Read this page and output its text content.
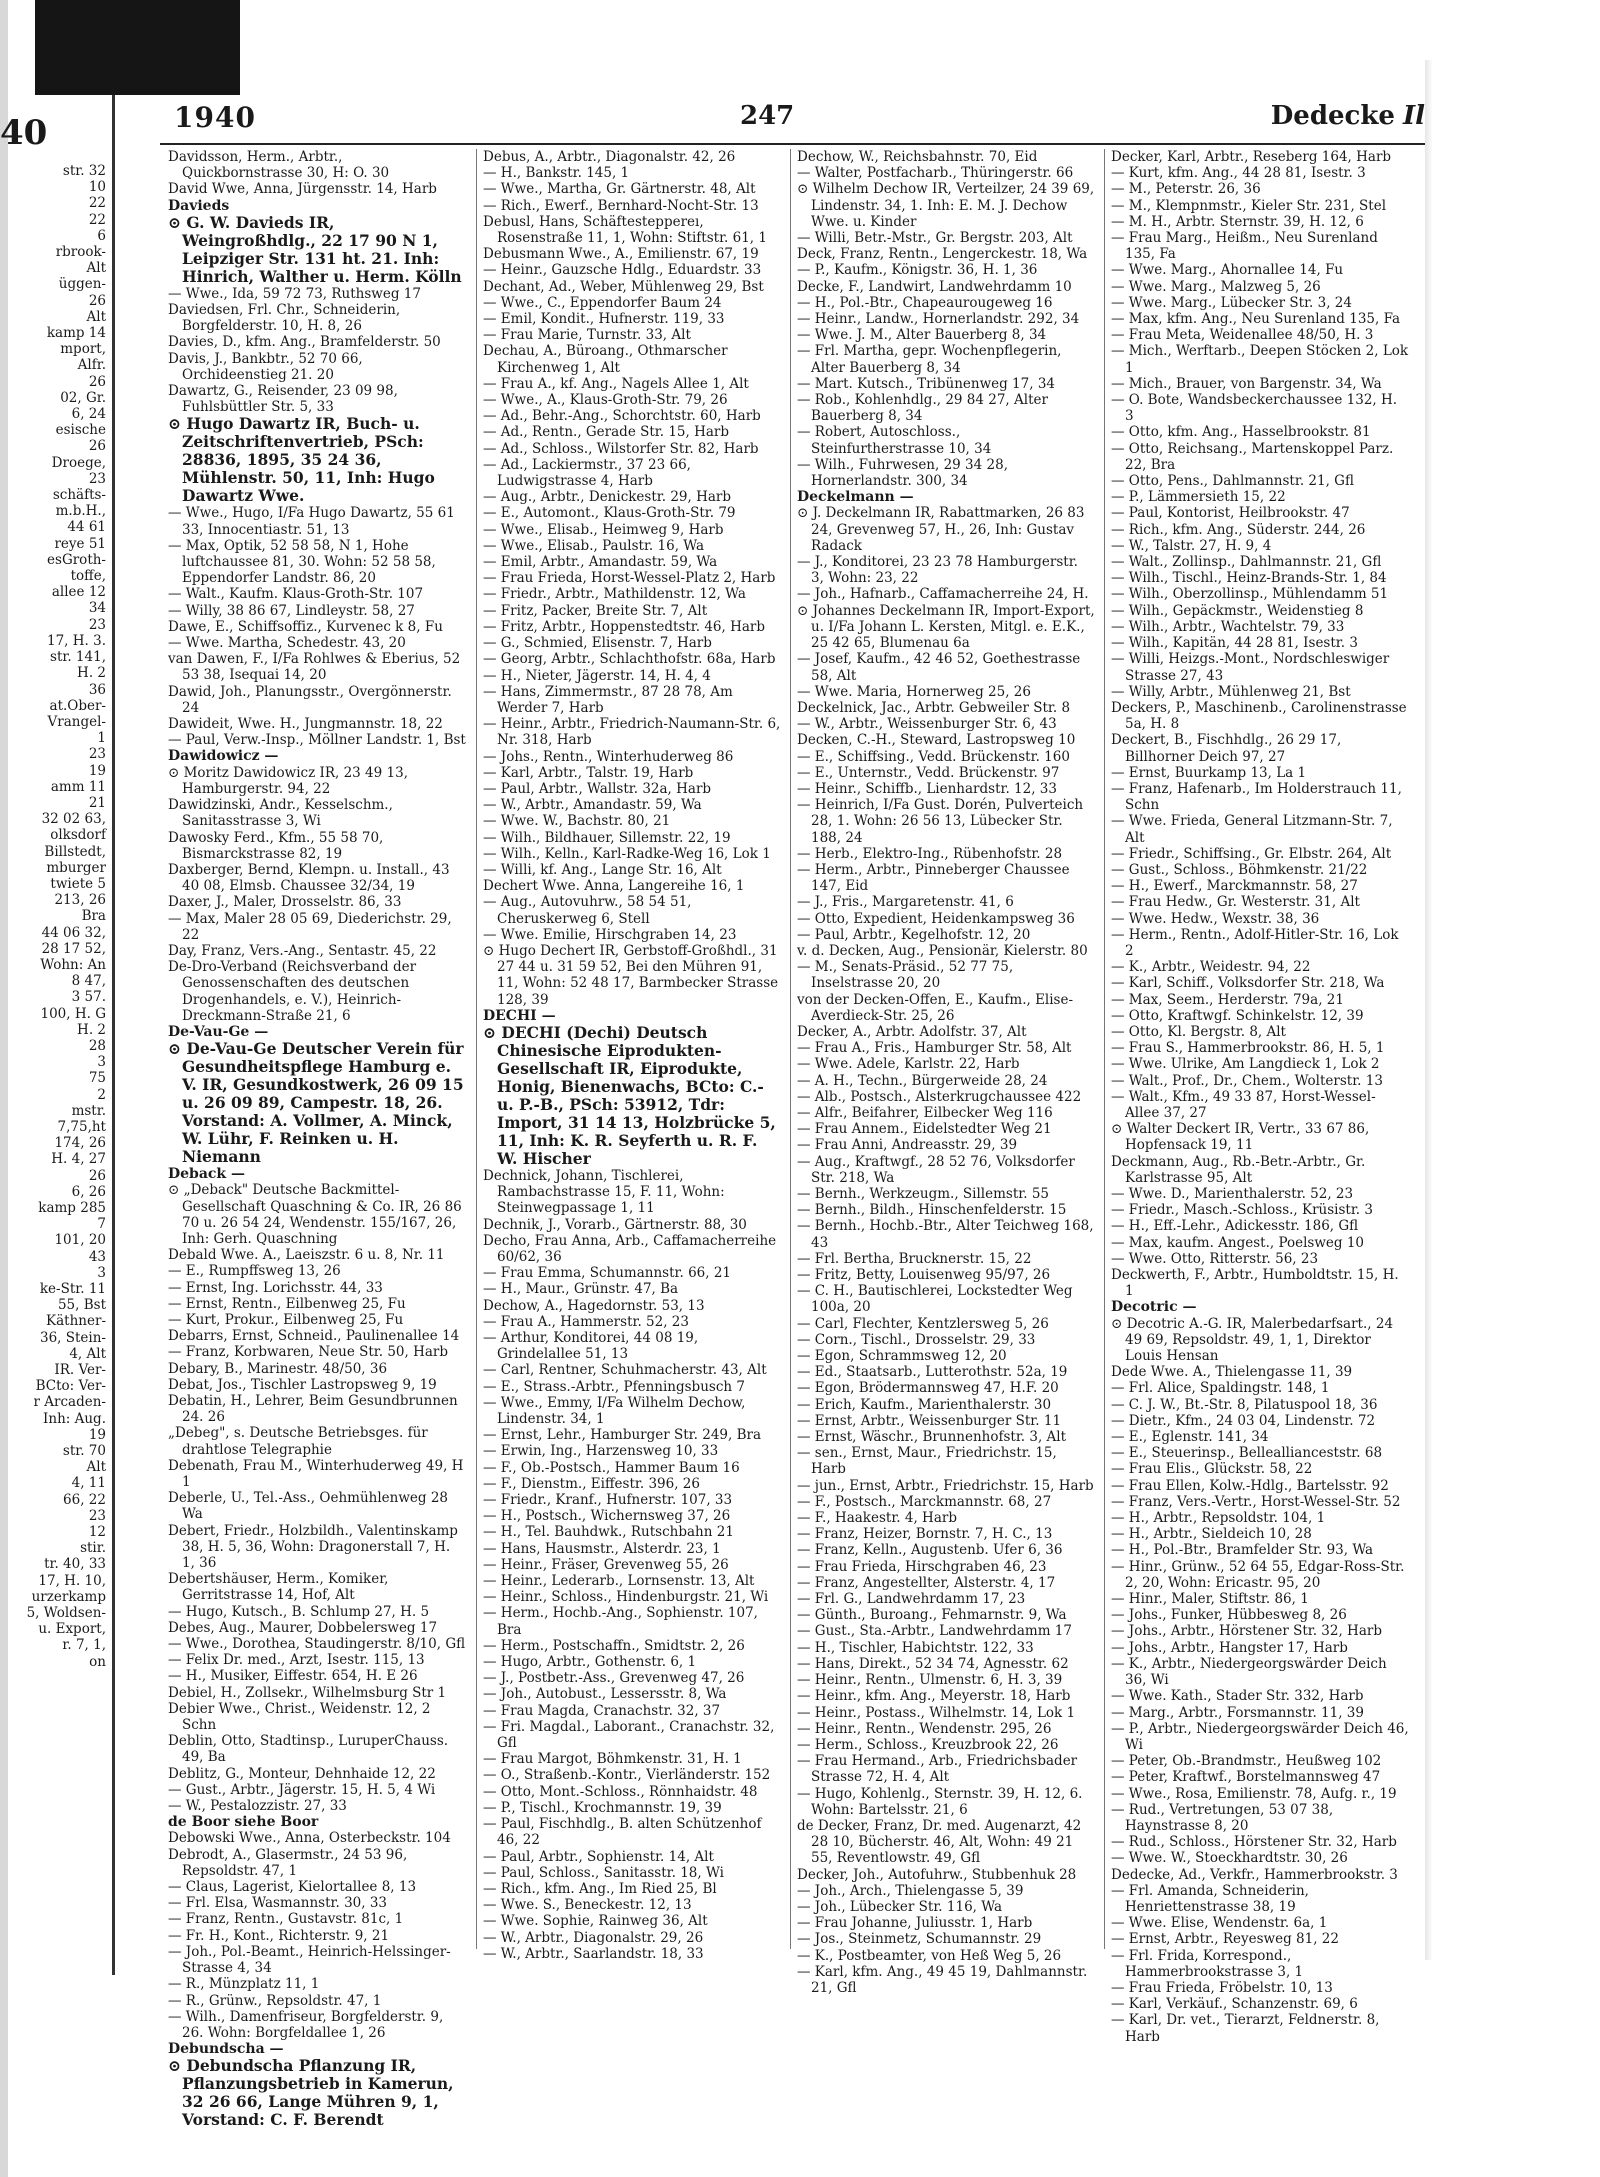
40
str. 32
10
22
22
6
rbrook-
Alt
üggen-
26
Alt
kamp 14
mport,
Alfr.
26
02, Gr.
6, 24
esische
26
Droege,
23
schäfts-
m.b.H.,
44 61
reye 51
esGroth-
toffe,
allee 12
34
23
17, H. 3.
str. 141,
H. 2
36
at.Ober-
Vrangel-
1
23
19
amm 11
21
32 02 63,
olksdorf
Billstedt,
mburger
twiete 5
213, 26
Bra
44 06 32,
28 17 52,
Wohn: An
8 47,
3 57.
100, H. G
H. 2
28
3
75
2
mstr.
7,75,ht
174, 26
H. 4, 27
26
6, 26
kamp 285
7
101, 20
43
3
ke-Str. 11
55, Bst
Käthner-
36, Stein-
4, Alt
IR. Ver-
BCto: Ver-
r Arcaden-
Inh: Aug.
19
str. 70
Alt
4, 11
66, 22
23
12
stir.
tr. 40, 33
17, H. 10,
urzerkamp
5, Woldsen-
u. Export,
r. 7, 1,
on
1940	247	Dedecke Il

Davidsson, Herm., Arbtr., Quickbornstrasse 30, H: O. 30

David Wwe, Anna, Jürgensstr. 14, Harb

Davieds

⊙ G. W. Davieds IR, Weingroßhdlg., 22 17 90 N 1, Leipziger Str. 131 ht. 21. Inh: Hinrich, Walther u. Herm. Kölln

— Wwe., Ida, 59 72 73, Ruthsweg 17

Daviedsen, Frl. Chr., Schneiderin, Borgfelderstr. 10, H. 8, 26

Davies, D., kfm. Ang., Bramfelderstr. 50

Davis, J., Bankbtr., 52 70 66, Orchideenstieg 21. 20

Dawartz, G., Reisender, 23 09 98, Fuhlsbüttler Str. 5, 33

⊙ Hugo Dawartz IR, Buch- u. Zeitschriftenvertrieb, PSch: 28836, 1895, 35 24 36, Mühlenstr. 50, 11, Inh: Hugo Dawartz Wwe.

— Wwe., Hugo, I/Fa Hugo Dawartz, 55 61 33, Innocentiastr. 51, 13

— Max, Optik, 52 58 58, N 1, Hohe luftchaussee 81, 30. Wohn: 52 58 58, Eppendorfer Landstr. 86, 20

— Walt., Kaufm. Klaus-Groth-Str. 107

— Willy, 38 86 67, Lindleystr. 58, 27

Dawe, E., Schiffsoffiz., Kurvenec k 8, Fu

— Wwe. Martha, Schedestr. 43, 20

van Dawen, F., I/Fa Rohlwes & Eberius, 52 53 38, Isequai 14, 20

Dawid, Joh., Planungsstr., Overgönnerstr. 24

Dawideit, Wwe. H., Jungmannstr. 18, 22

— Paul, Verw.-Insp., Möllner Landstr. 1, Bst

Dawidowicz —

⊙ Moritz Dawidowicz IR, 23 49 13, Hamburgerstr. 94, 22

Dawidzinski, Andr., Kesselschm., Sanitasstrasse 3, Wi

Dawosky Ferd., Kfm., 55 58 70, Bismarckstrasse 82, 19

Daxberger, Bernd, Klempn. u. Install., 43 40 08, Elmsb. Chaussee 32/34, 19

Daxer, J., Maler, Drosselstr. 86, 33

— Max, Maler 28 05 69, Diederichstr. 29, 22

Day, Franz, Vers.-Ang., Sentastr. 45, 22

De-Dro-Verband (Reichsverband der Genossenschaften des deutschen Drogenhandels, e. V.), Heinrich-Dreckmann-Straße 21, 6

De-Vau-Ge —

⊙ De-Vau-Ge Deutscher Verein für Gesundheitspflege Hamburg e. V. IR, Gesundkostwerk, 26 09 15 u. 26 09 89, Campestr. 18, 26. Vorstand: A. Vollmer, A. Minck, W. Lühr, F. Reinken u. H. Niemann

Deback —

⊙ „Deback" Deutsche Backmittel-Gesellschaft Quaschning & Co. IR, 26 86 70 u. 26 54 24, Wendenstr. 155/167, 26, Inh: Gerh. Quaschning

Debald Wwe. A., Laeiszstr. 6 u. 8, Nr. 11

— E., Rumpffsweg 13, 26

— Ernst, Ing. Lorichsstr. 44, 33

— Ernst, Rentn., Eilbenweg 25, Fu

— Kurt, Prokur., Eilbenweg 25, Fu

Debarrs, Ernst, Schneid., Paulinenallee 14

— Franz, Korbwaren, Neue Str. 50, Harb

Debary, B., Marinestr. 48/50, 36

Debat, Jos., Tischler Lastropsweg 9, 19

Debatin, H., Lehrer, Beim Gesundbrunnen 24. 26

„Debeg", s. Deutsche Betriebsges. für drahtlose Telegraphie

Debenath, Frau M., Winterhuderweg 49, H 1

Deberle, U., Tel.-Ass., Oehmühlenweg 28 Wa

Debert, Friedr., Holzbildh., Valentinskamp 38, H. 5, 36, Wohn: Dragonerstall 7, H. 1, 36

Debertshäuser, Herm., Komiker, Gerritstrasse 14, Hof, Alt

— Hugo, Kutsch., B. Schlump 27, H. 5

Debes, Aug., Maurer, Dobbelersweg 17

— Wwe., Dorothea, Staudingerstr. 8/10, Gfl

— Felix Dr. med., Arzt, Isestr. 115, 13

— H., Musiker, Eiffestr. 654, H. E 26

Debiel, H., Zollsekr., Wilhelmsburg Str 1

Debier Wwe., Christ., Weidenstr. 12, 2 Schn

Deblin, Otto, Stadtinsp., LuruperChauss. 49, Ba

Deblitz, G., Monteur, Dehnhaide 12, 22

— Gust., Arbtr., Jägerstr. 15, H. 5, 4 Wi

— W., Pestalozzistr. 27, 33

de Boor siehe Boor

Debowski Wwe., Anna, Osterbeckstr. 104

Debrodt, A., Glasermstr., 24 53 96, Repsoldstr. 47, 1

— Claus, Lagerist, Kielortallee 8, 13

— Frl. Elsa, Wasmannstr. 30, 33

— Franz, Rentn., Gustavstr. 81c, 1

— Fr. H., Kont., Richterstr. 9, 21

— Joh., Pol.-Beamt., Heinrich-Helssinger-Strasse 4, 34

— R., Münzplatz 11, 1

— R., Grünw., Repsoldstr. 47, 1

— Wilh., Damenfriseur, Borgfelderstr. 9, 26. Wohn: Borgfeldallee 1, 26

Debundscha —

⊙ Debundscha Pflanzung IR, Pflanzungsbetrieb in Kamerun, 32 26 66, Lange Mühren 9, 1, Vorstand: C. F. Berendt

Debus, A., Arbtr., Diagonalstr. 42, 26

— H., Bankstr. 145, 1

— Wwe., Martha, Gr. Gärtnerstr. 48, Alt

— Rich., Ewerf., Bernhard-Nocht-Str. 13

Debusl, Hans, Schäftesteppereı, Rosenstraße 11, 1, Wohn: Stiftstr. 61, 1

Debusmann Wwe., A., Emilienstr. 67, 19

— Heinr., Gauzsche Hdlg., Eduardstr. 33

Dechant, Ad., Weber, Mühlenweg 29, Bst

— Wwe., C., Eppendorfer Baum 24

— Emil, Kondit., Hufnerstr. 119, 33

— Frau Marie, Turnstr. 33, Alt

Dechau, A., Büroang., Othmarscher Kirchenweg 1, Alt

— Frau A., kf. Ang., Nagels Allee 1, Alt

— Wwe., A., Klaus-Groth-Str. 79, 26

— Ad., Behr.-Ang., Schorchtstr. 60, Harb

— Ad., Rentn., Gerade Str. 15, Harb

— Ad., Schloss., Wilstorfer Str. 82, Harb

— Ad., Lackiermstr., 37 23 66, Ludwigstrasse 4, Harb

— Aug., Arbtr., Denickestr. 29, Harb

— E., Automont., Klaus-Groth-Str. 79

— Wwe., Elisab., Heimweg 9, Harb

— Wwe., Elisab., Paulstr. 16, Wa

— Emil, Arbtr., Amandastr. 59, Wa

— Frau Frieda, Horst-Wessel-Platz 2, Harb

— Friedr., Arbtr., Mathildenstr. 12, Wa

— Fritz, Packer, Breite Str. 7, Alt

— Fritz, Arbtr., Hoppenstedtstr. 46, Harb

— G., Schmied, Elisenstr. 7, Harb

— Georg, Arbtr., Schlachthofstr. 68a, Harb

— H., Nieter, Jägerstr. 14, H. 4, 4

— Hans, Zimmermstr., 87 28 78, Am Werder 7, Harb

— Heinr., Arbtr., Friedrich-Naumann-Str. 6, Nr. 318, Harb

— Johs., Rentn., Winterhuderweg 86

— Karl, Arbtr., Talstr. 19, Harb

— Paul, Arbtr., Wallstr. 32a, Harb

— W., Arbtr., Amandastr. 59, Wa

— Wwe. W., Bachstr. 80, 21

— Wilh., Bildhauer, Sillemstr. 22, 19

— Wilh., Kelln., Karl-Radke-Weg 16, Lok 1

— Willi, kf. Ang., Lange Str. 16, Alt

Dechert Wwe. Anna, Langereihe 16, 1

— Aug., Autovuhrw., 58 54 51, Cheruskerweg 6, Stell

— Wwe. Emilie, Hirschgraben 14, 23

⊙ Hugo Dechert IR, Gerbstoff-Großhdl., 31 27 44 u. 31 59 52, Bei den Mühren 91, 11, Wohn: 52 48 17, Barmbecker Strasse 128, 39

DECHI —

⊙ DECHI (Dechi) Deutsch Chinesische Eiprodukten-Gesellschaft IR, Eiprodukte, Honig, Bienenwachs, BCto: C.- u. P.-B., PSch: 53912, Tdr: Import, 31 14 13, Holzbrücke 5, 11, Inh: K. R. Seyferth u. R. F. W. Hischer

Dechnick, Johann, Tischlerei, Rambachstrasse 15, F. 11, Wohn: Steinwegpassage 1, 11

Dechnik, J., Vorarb., Gärtnerstr. 88, 30

Decho, Frau Anna, Arb., Caffamacherreihe 60/62, 36

— Frau Emma, Schumannstr. 66, 21

— H., Maur., Grünstr. 47, Ba

Dechow, A., Hagedornstr. 53, 13

— Frau A., Hammerstr. 52, 23

— Arthur, Konditorei, 44 08 19, Grindelallee 51, 13

— Carl, Rentner, Schuhmacherstr. 43, Alt

— E., Strass.-Arbtr., Pfenningsbusch 7

— Wwe., Emmy, I/Fa Wilhelm Dechow, Lindenstr. 34, 1

— Ernst, Lehr., Hamburger Str. 249, Bra

— Erwin, Ing., Harzensweg 10, 33

— F., Ob.-Postsch., Hammer Baum 16

— F., Dienstm., Eiffestr. 396, 26

— Friedr., Kranf., Hufnerstr. 107, 33

— H., Postsch., Wichernsweg 37, 26

— H., Tel. Bauhdwk., Rutschbahn 21

— Hans, Hausmstr., Alsterdr. 23, 1

— Heinr., Fräser, Grevenweg 55, 26

— Heinr., Lederarb., Lornsenstr. 13, Alt

— Heinr., Schloss., Hindenburgstr. 21, Wi

— Herm., Hochb.-Ang., Sophienstr. 107, Bra

— Herm., Postschaffn., Smidtstr. 2, 26

— Hugo, Arbtr., Gothenstr. 6, 1

— J., Postbetr.-Ass., Grevenweg 47, 26

— Joh., Autobust., Lessersstr. 8, Wa

— Frau Magda, Cranachstr. 32, 37

— Fri. Magdal., Laborant., Cranachstr. 32, Gfl

— Frau Margot, Böhmkenstr. 31, H. 1

— O., Straßenb.-Kontr., Vierländerstr. 152

— Otto, Mont.-Schloss., Rönnhaidstr. 48

— P., Tischl., Krochmannstr. 19, 39

— Paul, Fischhdlg., B. alten Schützenhof 46, 22

— Paul, Arbtr., Sophienstr. 14, Alt

— Paul, Schloss., Sanitasstr. 18, Wi

— Rich., kfm. Ang., Im Ried 25, Bl

— Wwe. S., Beneckestr. 12, 13

— Wwe. Sophie, Rainweg 36, Alt

— W., Arbtr., Diagonalstr. 29, 26

— W., Arbtr., Saarlandstr. 18, 33

Dechow, W., Reichsbahnstr. 70, Eid

— Walter, Postfacharb., Thüringerstr. 66

⊙ Wilhelm Dechow IR, Verteilzer, 24 39 69, Lindenstr. 34, 1. Inh: E. M. J. Dechow Wwe. u. Kinder

— Willi, Betr.-Mstr., Gr. Bergstr. 203, Alt

Deck, Franz, Rentn., Lengerckestr. 18, Wa

— P., Kaufm., Königstr. 36, H. 1, 36

Decke, F., Landwirt, Landwehrdamm 10

— H., Pol.-Btr., Chapeaurougeweg 16

— Heinr., Landw., Hornerlandstr. 292, 34

— Wwe. J. M., Alter Bauerberg 8, 34

— Frl. Martha, gepr. Wochenpflegerin, Alter Bauerberg 8, 34

— Mart. Kutsch., Tribünenweg 17, 34

— Rob., Kohlenhdlg., 29 84 27, Alter Bauerberg 8, 34

— Robert, Autoschloss., Steinfurtherstrasse 10, 34

— Wilh., Fuhrwesen, 29 34 28, Hornerlandstr. 300, 34

Deckelmann —

⊙ J. Deckelmann IR, Rabattmarken, 26 83 24, Grevenweg 57, H., 26, Inh: Gustav Radack

— J., Konditorei, 23 23 78 Hamburgerstr. 3, Wohn: 23, 22

— Joh., Hafnarb., Caffamacherreihe 24, H.

⊙ Johannes Deckelmann IR, Import-Export, u. I/Fa Johann L. Kersten, Mitgl. e. E.K., 25 42 65, Blumenau 6a

— Josef, Kaufm., 42 46 52, Goethestrasse 58, Alt

— Wwe. Maria, Hornerweg 25, 26

Deckelnick, Jac., Arbtr. Gebweiler Str. 8

— W., Arbtr., Weissenburger Str. 6, 43

Decken, C.-H., Steward, Lastropsweg 10

— E., Schiffsing., Vedd. Brückenstr. 160

— E., Unternstr., Vedd. Brückenstr. 97

— Heinr., Schiffb., Lienhardstr. 12, 33

— Heinrich, I/Fa Gust. Dorén, Pulverteich 28, 1. Wohn: 26 56 13, Lübecker Str. 188, 24

— Herb., Elektro-Ing., Rübenhofstr. 28

— Herm., Arbtr., Pinneberger Chaussee 147, Eid

— J., Fris., Margaretenstr. 41, 6

— Otto, Expedient, Heidenkampsweg 36

— Paul, Arbtr., Kegelhofstr. 12, 20

v. d. Decken, Aug., Pensionär, Kielerstr. 80

— M., Senats-Präsid., 52 77 75, Inselstrasse 20, 20

von der Decken-Offen, E., Kaufm., Elise-Averdieck-Str. 25, 26

Decker, A., Arbtr. Adolfstr. 37, Alt

— Frau A., Fris., Hamburger Str. 58, Alt

— Wwe. Adele, Karlstr. 22, Harb

— A. H., Techn., Bürgerweide 28, 24

— Alb., Postsch., Alsterkrugchaussee 422

— Alfr., Beifahrer, Eilbecker Weg 116

— Frau Annem., Eidelstedter Weg 21

— Frau Anni, Andreasstr. 29, 39

— Aug., Kraftwgf., 28 52 76, Volksdorfer Str. 218, Wa

— Bernh., Werkzeugm., Sillemstr. 55

— Bernh., Bildh., Hinschenfelderstr. 15

— Bernh., Hochb.-Btr., Alter Teichweg 168, 43

— Frl. Bertha, Brucknerstr. 15, 22

— Fritz, Betty, Louisenweg 95/97, 26

— C. H., Bautischlerei, Lockstedter Weg 100a, 20

— Carl, Flechter, Kentzlersweg 5, 26

— Corn., Tischl., Drosselstr. 29, 33

— Egon, Schrammsweg 12, 20

— Ed., Staatsarb., Lutterothstr. 52a, 19

— Egon, Brödermannsweg 47, H.F. 20

— Erich, Kaufm., Marienthalerstr. 30

— Ernst, Arbtr., Weissenburger Str. 11

— Ernst, Wäschr., Brunnenhofstr. 3, Alt

— sen., Ernst, Maur., Friedrichstr. 15, Harb

— jun., Ernst, Arbtr., Friedrichstr. 15, Harb

— F., Postsch., Marckmannstr. 68, 27

— F., Haakestr. 4, Harb

— Franz, Heizer, Bornstr. 7, H. C., 13

— Franz, Kelln., Augustenb. Ufer 6, 36

— Frau Frieda, Hirschgraben 46, 23

— Franz, Angestellter, Alsterstr. 4, 17

— Frl. G., Landwehrdamm 17, 23

— Günth., Buroang., Fehmarnstr. 9, Wa

— Gust., Sta.-Arbtr., Landwehrdamm 17

— H., Tischler, Habichtstr. 122, 33

— Hans, Direkt., 52 34 74, Agnesstr. 62

— Heinr., Rentn., Ulmenstr. 6, H. 3, 39

— Heinr., kfm. Ang., Meyerstr. 18, Harb

— Heinr., Postass., Wilhelmstr. 14, Lok 1

— Heinr., Rentn., Wendenstr. 295, 26

— Herm., Schloss., Kreuzbrook 22, 26

— Frau Hermand., Arb., Friedrichsbader Strasse 72, H. 4, Alt

— Hugo, Kohlenlg., Sternstr. 39, H. 12, 6. Wohn: Bartelsstr. 21, 6

de Decker, Franz, Dr. med. Augenarzt, 42 28 10, Bücherstr. 46, Alt, Wohn: 49 21 55, Reventlowstr. 49, Gfl

Decker, Joh., Autofuhrw., Stubbenhuk 28

— Joh., Arch., Thielengasse 5, 39

— Joh., Lübecker Str. 116, Wa

— Frau Johanne, Juliusstr. 1, Harb

— Jos., Steinmetz, Schumannstr. 29

— K., Postbeamter, von Heß Weg 5, 26

— Karl, kfm. Ang., 49 45 19, Dahlmannstr. 21, Gfl

Decker, Karl, Arbtr., Reseberg 164, Harb

— Kurt, kfm. Ang., 44 28 81, Isestr. 3

— M., Peterstr. 26, 36

— M., Klempnmstr., Kieler Str. 231, Stel

— M. H., Arbtr. Sternstr. 39, H. 12, 6

— Frau Marg., Heißm., Neu Surenland 135, Fa

— Wwe. Marg., Ahornallee 14, Fu

— Wwe. Marg., Malzweg 5, 26

— Wwe. Marg., Lübecker Str. 3, 24

— Max, kfm. Ang., Neu Surenland 135, Fa

— Frau Meta, Weidenallee 48/50, H. 3

— Mich., Werftarb., Deepen Stöcken 2, Lok 1

— Mich., Brauer, von Bargenstr. 34, Wa

— O. Bote, Wandsbeckerchaussee 132, H. 3

— Otto, kfm. Ang., Hasselbrookstr. 81

— Otto, Reichsang., Martenskoppel Parz. 22, Bra

— Otto, Pens., Dahlmannstr. 21, Gfl

— P., Lämmersieth 15, 22

— Paul, Kontorist, Heilbrookstr. 47

— Rich., kfm. Ang., Süderstr. 244, 26

— W., Talstr. 27, H. 9, 4

— Walt., Zollinsp., Dahlmannstr. 21, Gfl

— Wilh., Tischl., Heinz-Brands-Str. 1, 84

— Wilh., Oberzollinsp., Mühlendamm 51

— Wilh., Gepäckmstr., Weidenstieg 8

— Wilh., Arbtr., Wachtelstr. 79, 33

— Wilh., Kapitän, 44 28 81, Isestr. 3

— Willi, Heizgs.-Mont., Nordschleswiger Strasse 27, 43

— Willy, Arbtr., Mühlenweg 21, Bst

Deckers, P., Maschinenb., Carolinenstrasse 5a, H. 8

Deckert, B., Fischhdlg., 26 29 17, Billhorner Deich 97, 27

— Ernst, Buurkamp 13, La 1

— Franz, Hafenarb., Im Holderstrauch 11, Schn

— Wwe. Frieda, General Litzmann-Str. 7, Alt

— Friedr., Schiffsing., Gr. Elbstr. 264, Alt

— Gust., Schloss., Böhmkenstr. 21/22

— H., Ewerf., Marckmannstr. 58, 27

— Frau Hedw., Gr. Westerstr. 31, Alt

— Wwe. Hedw., Wexstr. 38, 36

— Herm., Rentn., Adolf-Hitler-Str. 16, Lok 2

— K., Arbtr., Weidestr. 94, 22

— Karl, Schiff., Volksdorfer Str. 218, Wa

— Max, Seem., Herderstr. 79a, 21

— Otto, Kraftwgf. Schinkelstr. 12, 39

— Otto, Kl. Bergstr. 8, Alt

— Frau S., Hammerbrookstr. 86, H. 5, 1

— Wwe. Ulrike, Am Langdieck 1, Lok 2

— Walt., Prof., Dr., Chem., Wolterstr. 13

— Walt., Kfm., 49 33 87, Horst-Wessel-Allee 37, 27

⊙ Walter Deckert IR, Vertr., 33 67 86, Hopfensack 19, 11

Deckmann, Aug., Rb.-Betr.-Arbtr., Gr. Karlstrasse 95, Alt

— Wwe. D., Marienthalerstr. 52, 23

— Friedr., Masch.-Schloss., Krüsistr. 3

— H., Eff.-Lehr., Adickesstr. 186, Gfl

— Max, kaufm. Angest., Poelsweg 10

— Wwe. Otto, Ritterstr. 56, 23

Deckwerth, F., Arbtr., Humboldtstr. 15, H. 1

Decotric —

⊙ Decotric A.-G. IR, Malerbedarfsart., 24 49 69, Repsoldstr. 49, 1, 1, Direktor Louis Hensan

Dede Wwe. A., Thielengasse 11, 39

— Frl. Alice, Spaldingstr. 148, 1

— C. J. W., Bt.-Str. 8, Pilatuspool 18, 36

— Dietr., Kfm., 24 03 04, Lindenstr. 72

— E., Eglenstr. 141, 34

— E., Steuerinsp., Belleallianceststr. 68

— Frau Elis., Glückstr. 58, 22

— Frau Ellen, Kolw.-Hdlg., Bartelsstr. 92

— Franz, Vers.-Vertr., Horst-Wessel-Str. 52

— H., Arbtr., Repsoldstr. 104, 1

— H., Arbtr., Sieldeich 10, 28

— H., Pol.-Btr., Bramfelder Str. 93, Wa

— Hinr., Grünw., 52 64 55, Edgar-Ross-Str. 2, 20, Wohn: Ericastr. 95, 20

— Hinr., Maler, Stiftstr. 86, 1

— Johs., Funker, Hübbesweg 8, 26

— Johs., Arbtr., Hörstener Str. 32, Harb

— Johs., Arbtr., Hangster 17, Harb

— K., Arbtr., Niedergeorgswärder Deich 36, Wi

— Wwe. Kath., Stader Str. 332, Harb

— Marg., Arbtr., Forsmannstr. 11, 39

— P., Arbtr., Niedergeorgswärder Deich 46, Wi

— Peter, Ob.-Brandmstr., Heußweg 102

— Peter, Kraftwf., Borstelmannsweg 47

— Wwe., Rosa, Emilienstr. 78, Aufg. r., 19

— Rud., Vertretungen, 53 07 38, Haynstrasse 8, 20

— Rud., Schloss., Hörstener Str. 32, Harb

— Wwe. W., Stoeckhardtstr. 30, 26

Dedecke, Ad., Verkfr., Hammerbrookstr. 3

— Frl. Amanda, Schneiderin, Henriettenstrasse 38, 19

— Wwe. Elise, Wendenstr. 6a, 1

— Ernst, Arbtr., Reyesweg 81, 22

— Frl. Frida, Korrespond., Hammerbrookstrasse 3, 1

— Frau Frieda, Fröbelstr. 10, 13

— Karl, Verkäuf., Schanzenstr. 69, 6

— Karl, Dr. vet., Tierarzt, Feldnerstr. 8, Harb
